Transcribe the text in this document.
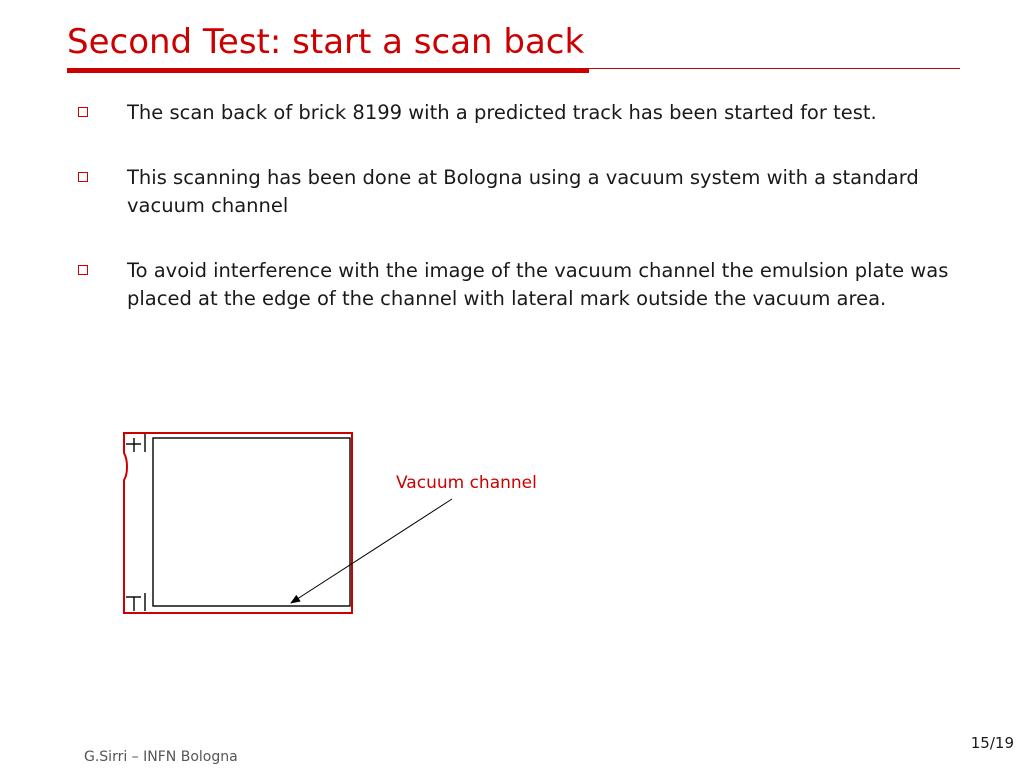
Second Test: start a scan back
The scan back of brick 8199 with a predicted track has been started for test.
This scanning has been done at Bologna using a vacuum system with a standard vacuum channel
To avoid interference with the image of the vacuum channel the emulsion plate was placed at the edge of the channel with lateral mark outside the vacuum area.
Vacuum channel
G.Sirri – INFN Bologna
15/19
